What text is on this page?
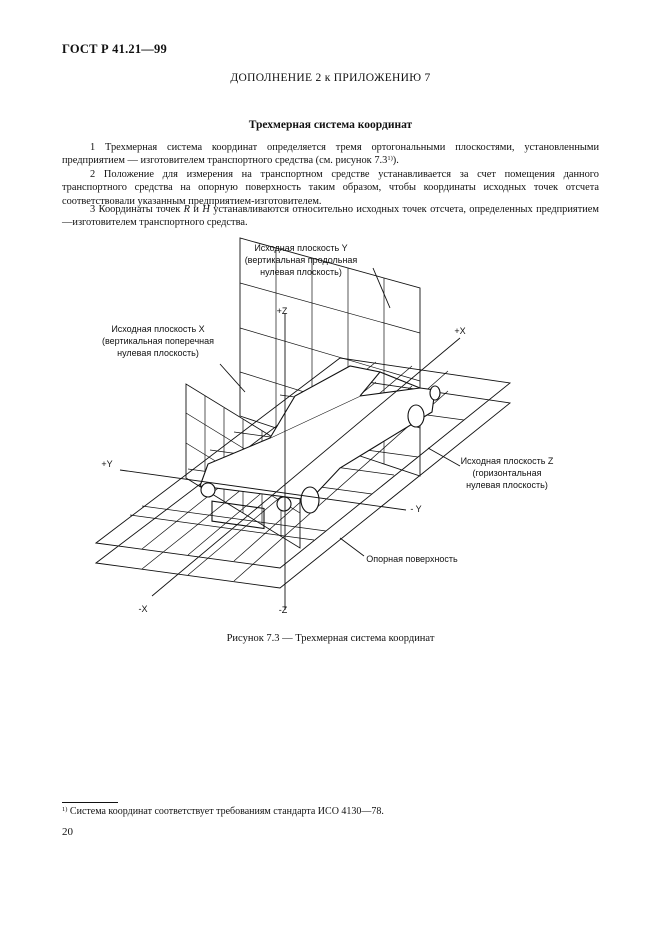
ГОСТ Р 41.21—99
ДОПОЛНЕНИЕ 2 к ПРИЛОЖЕНИЮ 7
Трехмерная система координат
1 Трехмерная система координат определяется тремя ортогональными плоскостями, установленными предприятием — изготовителем транспортного средства (см. рисунок 7.3$^{1)}$).
2 Положение для измерения на транспортном средстве устанавливается за счет помещения данного транспортного средства на опорную поверхность таким образом, чтобы координаты исходных точек отсчета соответствовали указанным предприятием-изготовителем.
3 Координаты точек R и H устанавливаются относительно исходных точек отсчета, определенных предприятием—изготовителем транспортного средства.
Исходная плоскость Y
(вертикальная продольная
нулевая плоскость)
Исходная плоскость X
(вертикальная поперечная
нулевая плоскость)
Исходная плоскость Z
(горизонтальная
нулевая плоскость)
Опорная поверхность
+Z
+X
+Y
- Y
-X	-Z
Рисунок 7.3 — Трехмерная система координат
$^{1)}$ Система координат соответствует требованиям стандарта ИСО 4130—78.
20
